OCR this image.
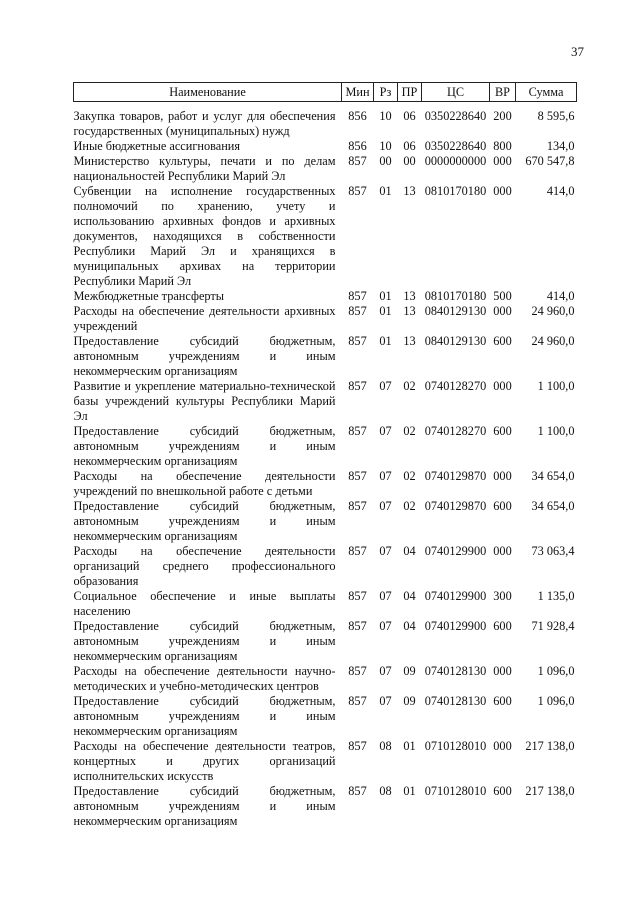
37
Наименование	Мин	Рз	ПР	ЦС	ВР	Сумма
Закупка товаров, работ и услуг для обеспечения государственных (муниципальных) нужд	856	10	06	0350228640	200	8 595,6
Иные бюджетные ассигнования	856	10	06	0350228640	800	134,0
Министерство культуры, печати и по делам национальностей Республики Марий Эл	857	00	00	0000000000	000	670 547,8
Субвенции на исполнение государственных полномочий по хранению, учету и использованию архивных фондов и архивных документов, находящихся в собственности Республики Марий Эл и хранящихся в муниципальных архивах на территории Республики Марий Эл	857	01	13	0810170180	000	414,0
Межбюджетные трансферты	857	01	13	0810170180	500	414,0
Расходы на обеспечение деятельности архивных учреждений	857	01	13	0840129130	000	24 960,0
Предоставление субсидий бюджетным, автономным учреждениям и иным некоммерческим организациям	857	01	13	0840129130	600	24 960,0
Развитие и укрепление материально-технической базы учреждений культуры Республики Марий Эл	857	07	02	0740128270	000	1 100,0
Предоставление субсидий бюджетным, автономным учреждениям и иным некоммерческим организациям	857	07	02	0740128270	600	1 100,0
Расходы на обеспечение деятельности учреждений по внешкольной работе с детьми	857	07	02	0740129870	000	34 654,0
Предоставление субсидий бюджетным, автономным учреждениям и иным некоммерческим организациям	857	07	02	0740129870	600	34 654,0
Расходы на обеспечение деятельности организаций среднего профессионального образования	857	07	04	0740129900	000	73 063,4
Социальное обеспечение и иные выплаты населению	857	07	04	0740129900	300	1 135,0
Предоставление субсидий бюджетным, автономным учреждениям и иным некоммерческим организациям	857	07	04	0740129900	600	71 928,4
Расходы на обеспечение деятельности научно-методических и учебно-методических центров	857	07	09	0740128130	000	1 096,0
Предоставление субсидий бюджетным, автономным учреждениям и иным некоммерческим организациям	857	07	09	0740128130	600	1 096,0
Расходы на обеспечение деятельности театров, концертных и других организаций исполнительских искусств	857	08	01	0710128010	000	217 138,0
Предоставление субсидий бюджетным, автономным учреждениям и иным некоммерческим организациям	857	08	01	0710128010	600	217 138,0
